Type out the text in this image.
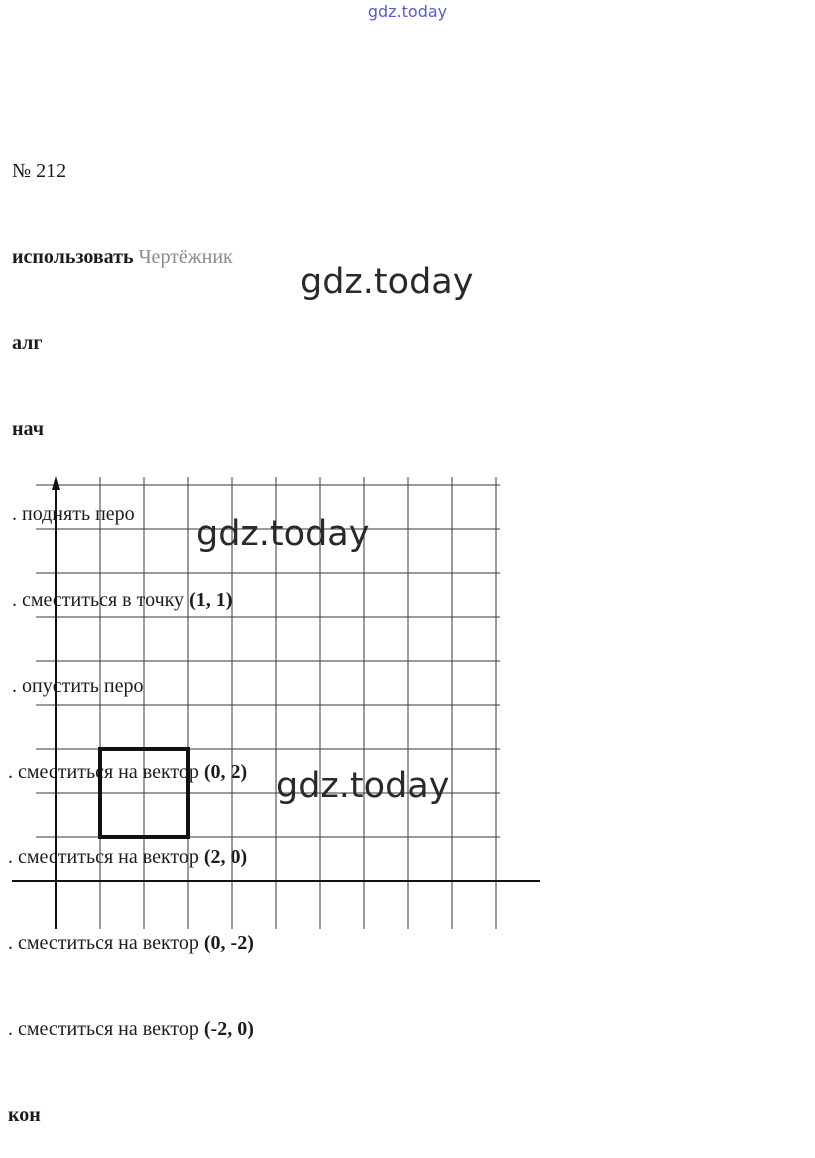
gdz.today

№ 212

использовать Чертёжник

алг

нач

. поднять перо

. сместиться в точку (1, 1)

. опустить перо

. сместиться на вектор (0, 2)

. сместиться на вектор (2, 0)

. сместиться на вектор (0, -2)

. сместиться на вектор (-2, 0)

кон

gdz.today
gdz.today
gdz.today
